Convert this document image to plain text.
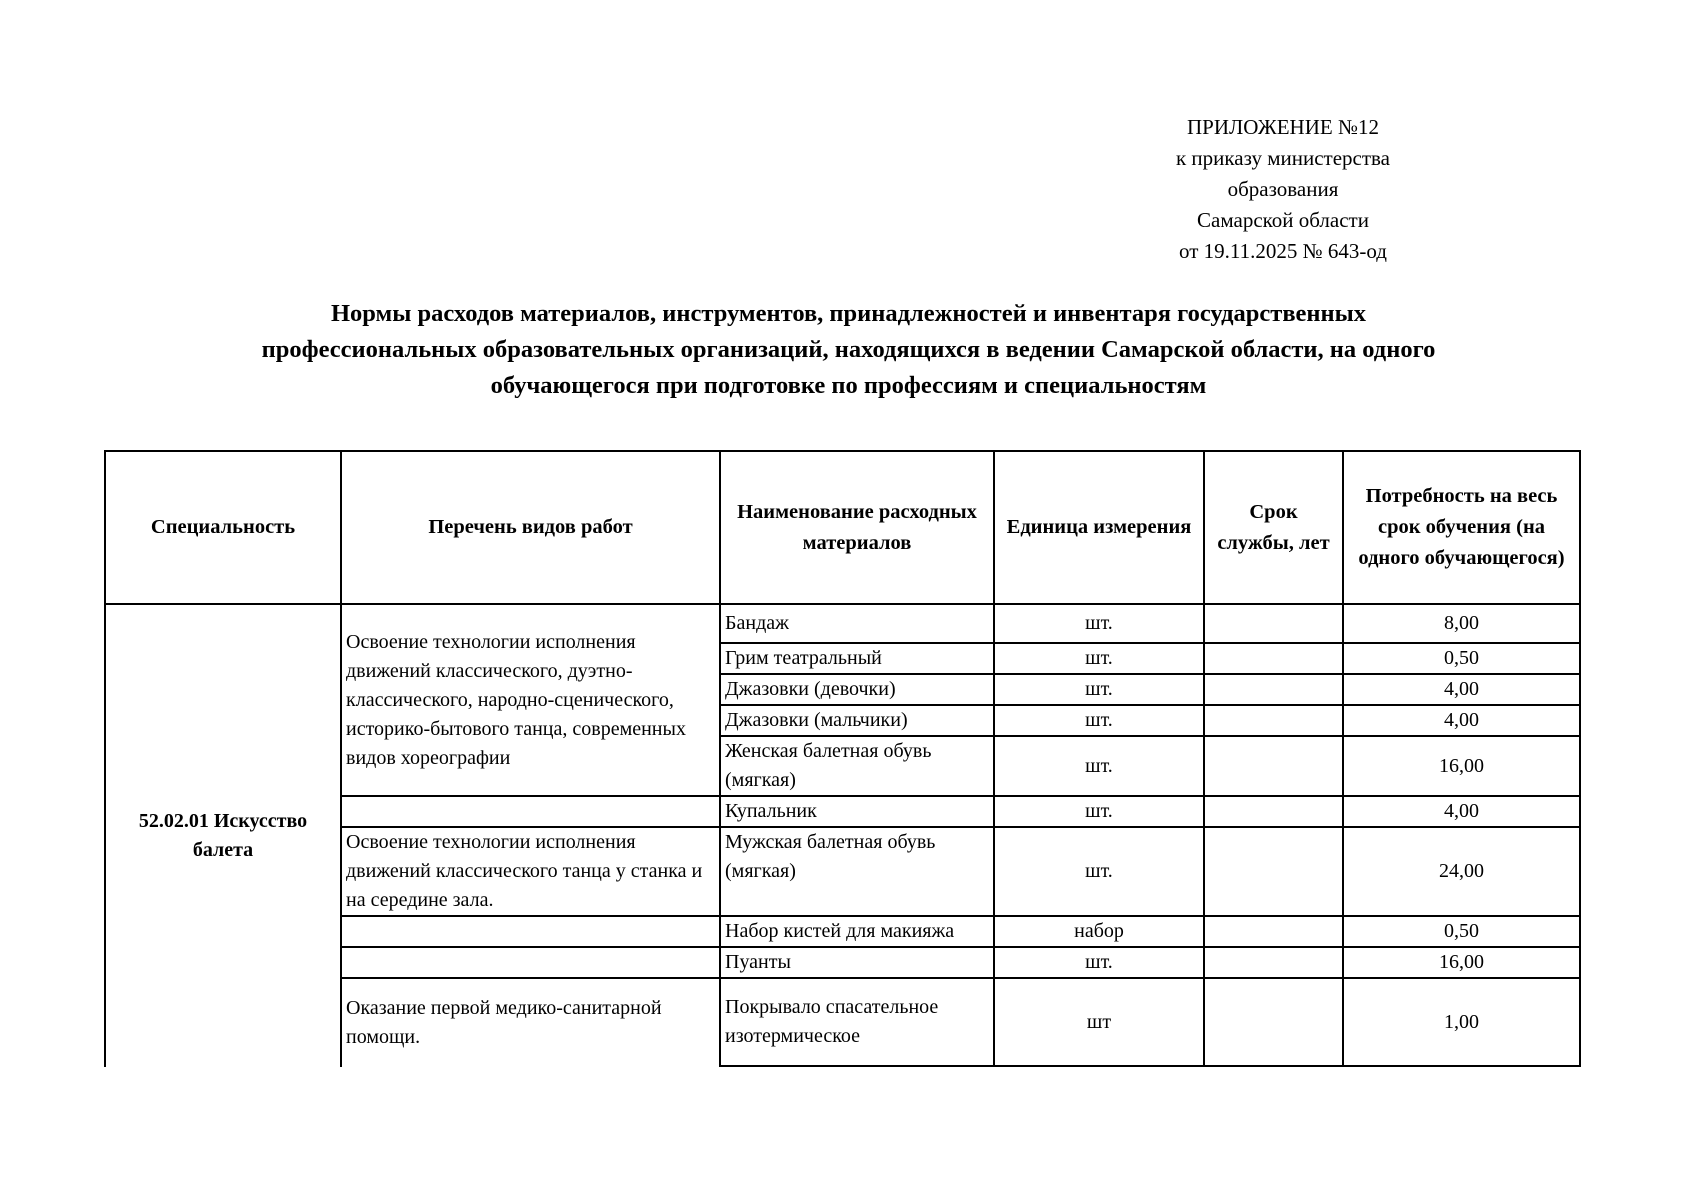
ПРИЛОЖЕНИЕ №12
к приказу министерства
образования
Самарской области
от 19.11.2025 № 643-од
Нормы расходов материалов, инструментов, принадлежностей и инвентаря государственных
профессиональных образовательных организаций, находящихся в ведении Самарской области, на одного
обучающегося при подготовке по профессиям и специальностям
Специальность	Перечень видов работ	Наименование расходных материалов	Единица измерения	Срок службы, лет	Потребность на весь срок обучения (на одного обучающегося)
52.02.01 Искусство балета	Освоение технологии исполнения движений классического, дуэтно-классического, народно-сценического, историко-бытового танца, современных видов хореографии	Бандаж	шт.		8,00
		Грим театральный	шт.		0,50
		Джазовки (девочки)	шт.		4,00
		Джазовки (мальчики)	шт.		4,00
		Женская балетная обувь (мягкая)	шт.		16,00
		Купальник	шт.		4,00
	Освоение технологии исполнения движений классического танца у станка и на середине зала.	Мужская балетная обувь (мягкая)	шт.		24,00
		Набор кистей для макияжа	набор		0,50
		Пуанты	шт.		16,00
	Оказание первой медико-санитарной помощи.	Покрывало спасательное изотермическое	шт		1,00
